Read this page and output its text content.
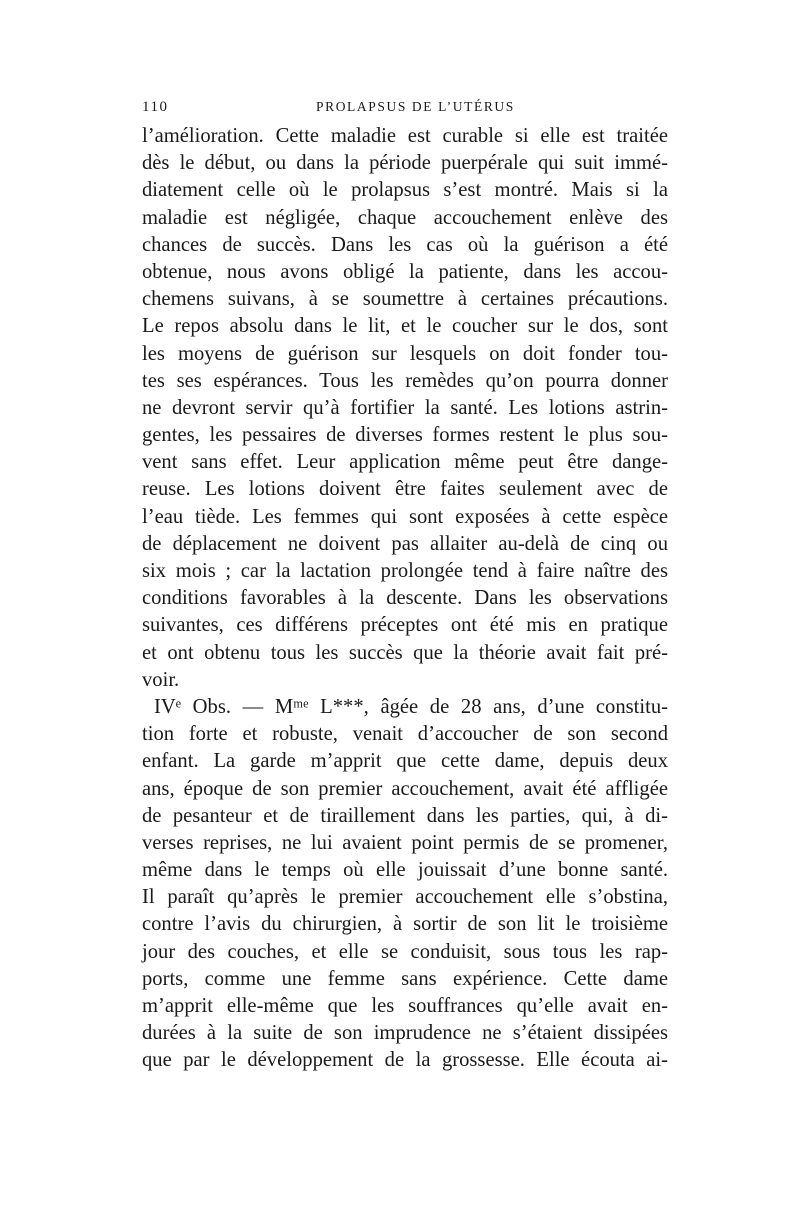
110	PROLAPSUS DE L’UTÉRUS
l’amélioration. Cette maladie est curable si elle est traitée
dès le début, ou dans la période puerpérale qui suit immé-
diatement celle où le prolapsus s’est montré. Mais si la
maladie est négligée, chaque accouchement enlève des
chances de succès. Dans les cas où la guérison a été
obtenue, nous avons obligé la patiente, dans les accou-
chemens suivans, à se soumettre à certaines précautions.
Le repos absolu dans le lit, et le coucher sur le dos, sont
les moyens de guérison sur lesquels on doit fonder tou-
tes ses espérances. Tous les remèdes qu’on pourra donner
ne devront servir qu’à fortifier la santé. Les lotions astrin-
gentes, les pessaires de diverses formes restent le plus sou-
vent sans effet. Leur application même peut être dange-
reuse. Les lotions doivent être faites seulement avec de
l’eau tiède. Les femmes qui sont exposées à cette espèce
de déplacement ne doivent pas allaiter au-delà de cinq ou
six mois ; car la lactation prolongée tend à faire naître des
conditions favorables à la descente. Dans les observations
suivantes, ces différens préceptes ont été mis en pratique
et ont obtenu tous les succès que la théorie avait fait pré-
voir.
IVᵉ Obs. — Mᵐᵉ L***, âgée de 28 ans, d’une constitu-
tion forte et robuste, venait d’accoucher de son second
enfant. La garde m’apprit que cette dame, depuis deux
ans, époque de son premier accouchement, avait été affligée
de pesanteur et de tiraillement dans les parties, qui, à di-
verses reprises, ne lui avaient point permis de se promener,
même dans le temps où elle jouissait d’une bonne santé.
Il paraît qu’après le premier accouchement elle s’obstina,
contre l’avis du chirurgien, à sortir de son lit le troisième
jour des couches, et elle se conduisit, sous tous les rap-
ports, comme une femme sans expérience. Cette dame
m’apprit elle-même que les souffrances qu’elle avait en-
durées à la suite de son imprudence ne s’étaient dissipées
que par le développement de la grossesse. Elle écouta ai-
